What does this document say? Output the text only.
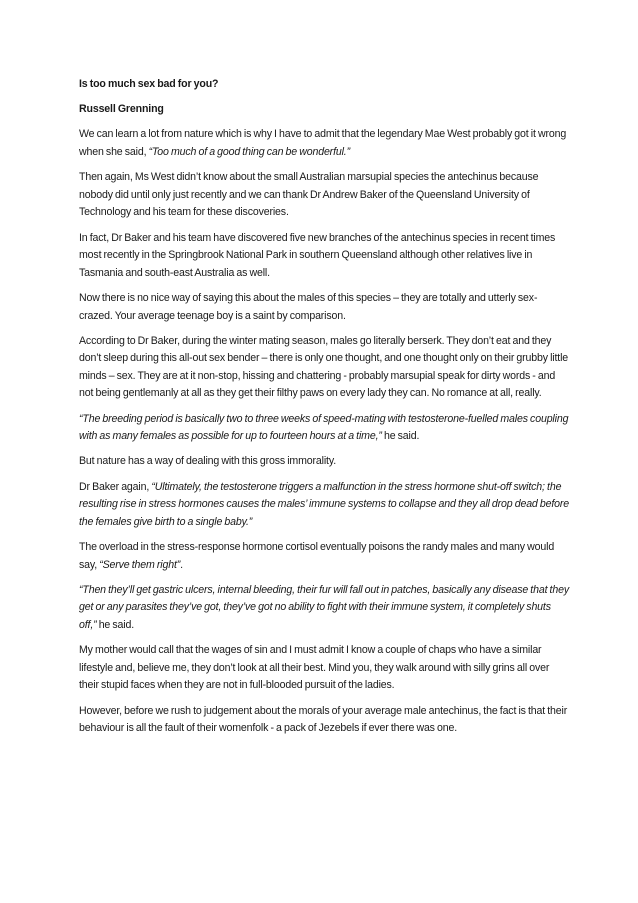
Is too much sex bad for you?

Russell Grenning

We can learn a lot from nature which is why I have to admit that the legendary Mae West probably got it wrong when she said, “Too much of a good thing can be wonderful.”

Then again, Ms West didn’t know about the small Australian marsupial species the antechinus because nobody did until only just recently and we can thank Dr Andrew Baker of the Queensland University of Technology and his team for these discoveries.

In fact, Dr Baker and his team have discovered five new branches of the antechinus species in recent times most recently in the Springbrook National Park in southern Queensland although other relatives live in Tasmania and south-east Australia as well.

Now there is no nice way of saying this about the males of this species – they are totally and utterly sex-crazed. Your average teenage boy is a saint by comparison.

According to Dr Baker, during the winter mating season, males go literally berserk. They don’t eat and they don’t sleep during this all-out sex bender – there is only one thought, and one thought only on their grubby little minds – sex. They are at it non-stop, hissing and chattering - probably marsupial speak for dirty words - and not being gentlemanly at all as they get their filthy paws on every lady they can. No romance at all, really.

“The breeding period is basically two to three weeks of speed-mating with testosterone-fuelled males coupling with as many females as possible for up to fourteen hours at a time,” he said.

But nature has a way of dealing with this gross immorality.

Dr Baker again, “Ultimately, the testosterone triggers a malfunction in the stress hormone shut-off switch; the resulting rise in stress hormones causes the males’ immune systems to collapse and they all drop dead before the females give birth to a single baby.”

The overload in the stress-response hormone cortisol eventually poisons the randy males and many would say, “Serve them right”.

“Then they’ll get gastric ulcers, internal bleeding, their fur will fall out in patches, basically any disease that they get or any parasites they’ve got, they’ve got no ability to fight with their immune system, it completely shuts off,” he said.

My mother would call that the wages of sin and I must admit I know a couple of chaps who have a similar lifestyle and, believe me, they don’t look at all their best. Mind you, they walk around with silly grins all over their stupid faces when they are not in full-blooded pursuit of the ladies.

However, before we rush to judgement about the morals of your average male antechinus, the fact is that their behaviour is all the fault of their womenfolk - a pack of Jezebels if ever there was one.
